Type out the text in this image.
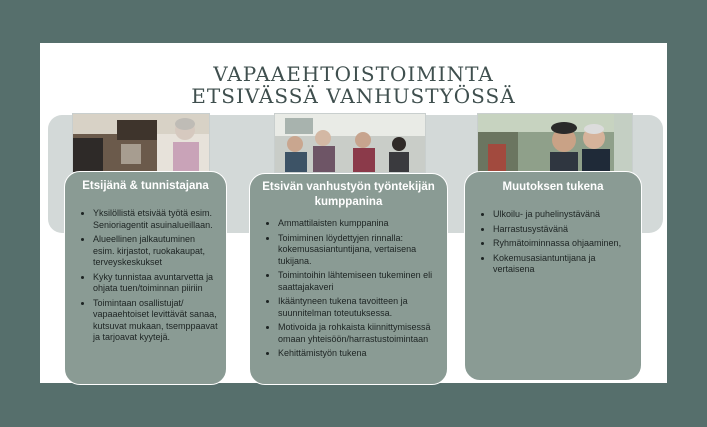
VAPAAEHTOISTOIMINTA
ETSIVÄSSÄ VANHUSTYÖSSÄ
Etsijänä & tunnistajana
• Yksilöllistä etsivää työtä esim. Senioriagentit asuinalueillaan.
• Alueellinen jalkautuminen esim. kirjastot, ruokakaupat, terveyskeskukset
• Kyky tunnistaa avuntarvetta ja ohjata tuen/toiminnan piiriin
• Toimintaan osallistujat/ vapaaehtoiset levittävät sanaa, kutsuvat mukaan, tsemppaavat ja tarjoavat kyytejä.
Etsivän vanhustyön työntekijän kumppanina
• Ammattilaisten kumppanina
• Toimiminen löydettyjen rinnalla: kokemusasiantuntijana, vertaisena tukijana.
• Toimintoihin lähtemiseen tukeminen eli saattajakaveri
• Ikääntyneen tukena tavoitteen ja suunnitelman toteutuksessa.
• Motivoida ja rohkaista kiinnittymisessä omaan yhteisöön/harrastustoimintaan
• Kehittämistyön tukena
Muutoksen tukena
• Ulkoilu- ja puhelinystävänä
• Harrastusystävänä
• Ryhmätoiminnassa ohjaaminen,
• Kokemusasiantuntijana ja vertaisena
